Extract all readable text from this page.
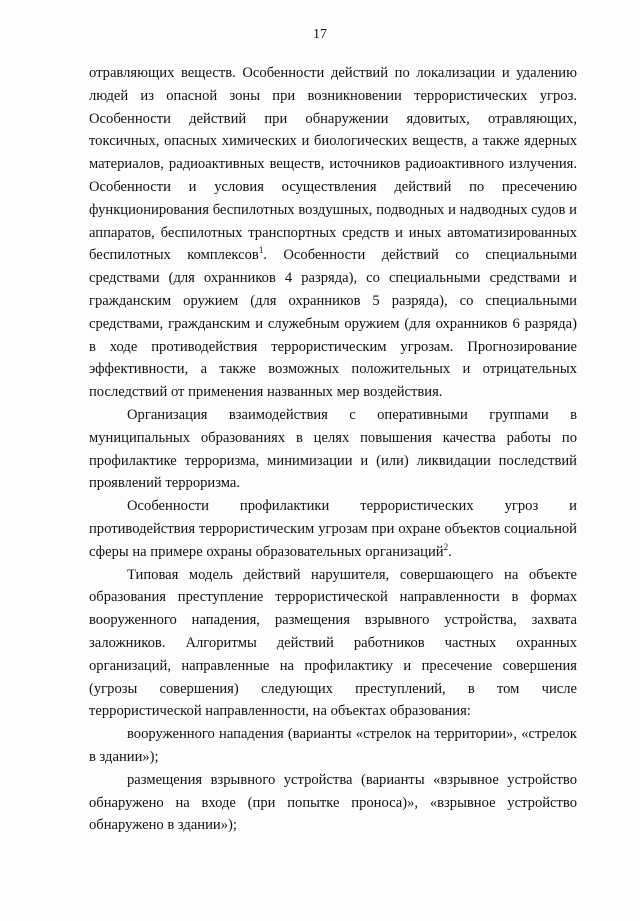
17

отравляющих веществ. Особенности действий по локализации и удалению людей из опасной зоны при возникновении террористических угроз. Особенности действий при обнаружении ядовитых, отравляющих, токсичных, опасных химических и биологических веществ, а также ядерных материалов, радиоактивных веществ, источников радиоактивного излучения. Особенности и условия осуществления действий по пресечению функционирования беспилотных воздушных, подводных и надводных судов и аппаратов, беспилотных транспортных средств и иных автоматизированных беспилотных комплексов$^1$. Особенности действий со специальными средствами (для охранников 4 разряда), со специальными средствами и гражданским оружием (для охранников 5 разряда), со специальными средствами, гражданским и служебным оружием (для охранников 6 разряда) в ходе противодействия террористическим угрозам. Прогнозирование эффективности, а также возможных положительных и отрицательных последствий от применения названных мер воздействия.

Организация взаимодействия с оперативными группами в муниципальных образованиях в целях повышения качества работы по профилактике терроризма, минимизации и (или) ликвидации последствий проявлений терроризма.

Особенности профилактики террористических угроз и противодействия террористическим угрозам при охране объектов социальной сферы на примере охраны образовательных организаций$^2$.

Типовая модель действий нарушителя, совершающего на объекте образования преступление террористической направленности в формах вооруженного нападения, размещения взрывного устройства, захвата заложников. Алгоритмы действий работников частных охранных организаций, направленные на профилактику и пресечение совершения (угрозы совершения) следующих преступлений, в том числе террористической направленности, на объектах образования:

вооруженного нападения (варианты «стрелок на территории», «стрелок в здании»);

размещения взрывного устройства (варианты «взрывное устройство обнаружено на входе (при попытке проноса)», «взрывное устройство обнаружено в здании»);
